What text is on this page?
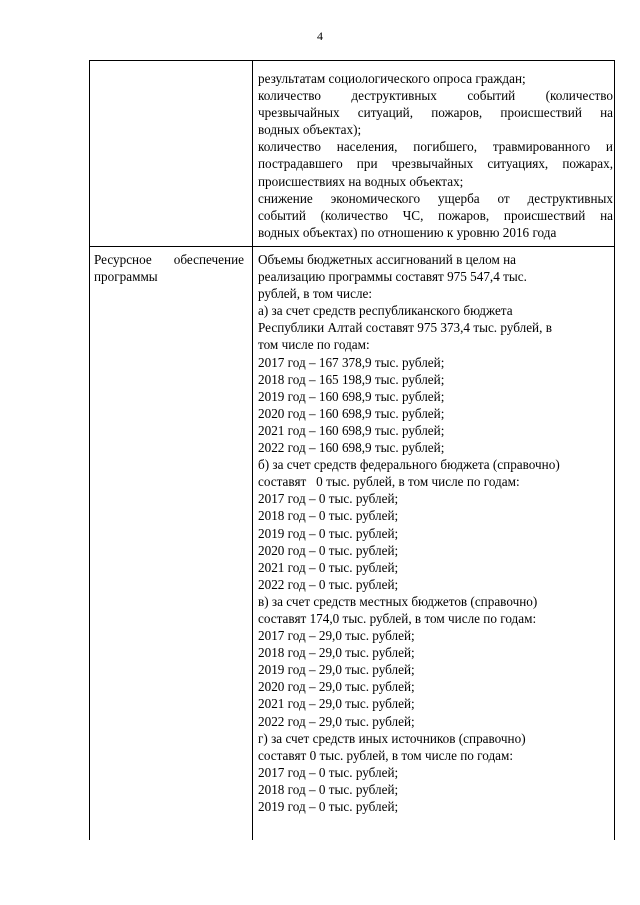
4
результатам социологического опроса граждан;
количество деструктивных событий (количество
чрезвычайных ситуаций, пожаров, происшествий на
водных объектах);
количество населения, погибшего, травмированного и
пострадавшего при чрезвычайных ситуациях, пожарах,
происшествиях на водных объектах;
снижение экономического ущерба от деструктивных
событий (количество ЧС, пожаров, происшествий на
водных объектах) по отношению к уровню 2016 года
Ресурсное обеспечение
программы
Объемы бюджетных ассигнований в целом на
реализацию программы составят 975 547,4 тыс.
рублей, в том числе:
а) за счет средств республиканского бюджета
Республики Алтай составят 975 373,4 тыс. рублей, в
том числе по годам:
2017 год – 167 378,9 тыс. рублей;
2018 год – 165 198,9 тыс. рублей;
2019 год – 160 698,9 тыс. рублей;
2020 год – 160 698,9 тыс. рублей;
2021 год – 160 698,9 тыс. рублей;
2022 год – 160 698,9 тыс. рублей;
б) за счет средств федерального бюджета (справочно)
составят   0 тыс. рублей, в том числе по годам:
2017 год – 0 тыс. рублей;
2018 год – 0 тыс. рублей;
2019 год – 0 тыс. рублей;
2020 год – 0 тыс. рублей;
2021 год – 0 тыс. рублей;
2022 год – 0 тыс. рублей;
в) за счет средств местных бюджетов (справочно)
составят 174,0 тыс. рублей, в том числе по годам:
2017 год – 29,0 тыс. рублей;
2018 год – 29,0 тыс. рублей;
2019 год – 29,0 тыс. рублей;
2020 год – 29,0 тыс. рублей;
2021 год – 29,0 тыс. рублей;
2022 год – 29,0 тыс. рублей;
г) за счет средств иных источников (справочно)
составят 0 тыс. рублей, в том числе по годам:
2017 год – 0 тыс. рублей;
2018 год – 0 тыс. рублей;
2019 год – 0 тыс. рублей;
